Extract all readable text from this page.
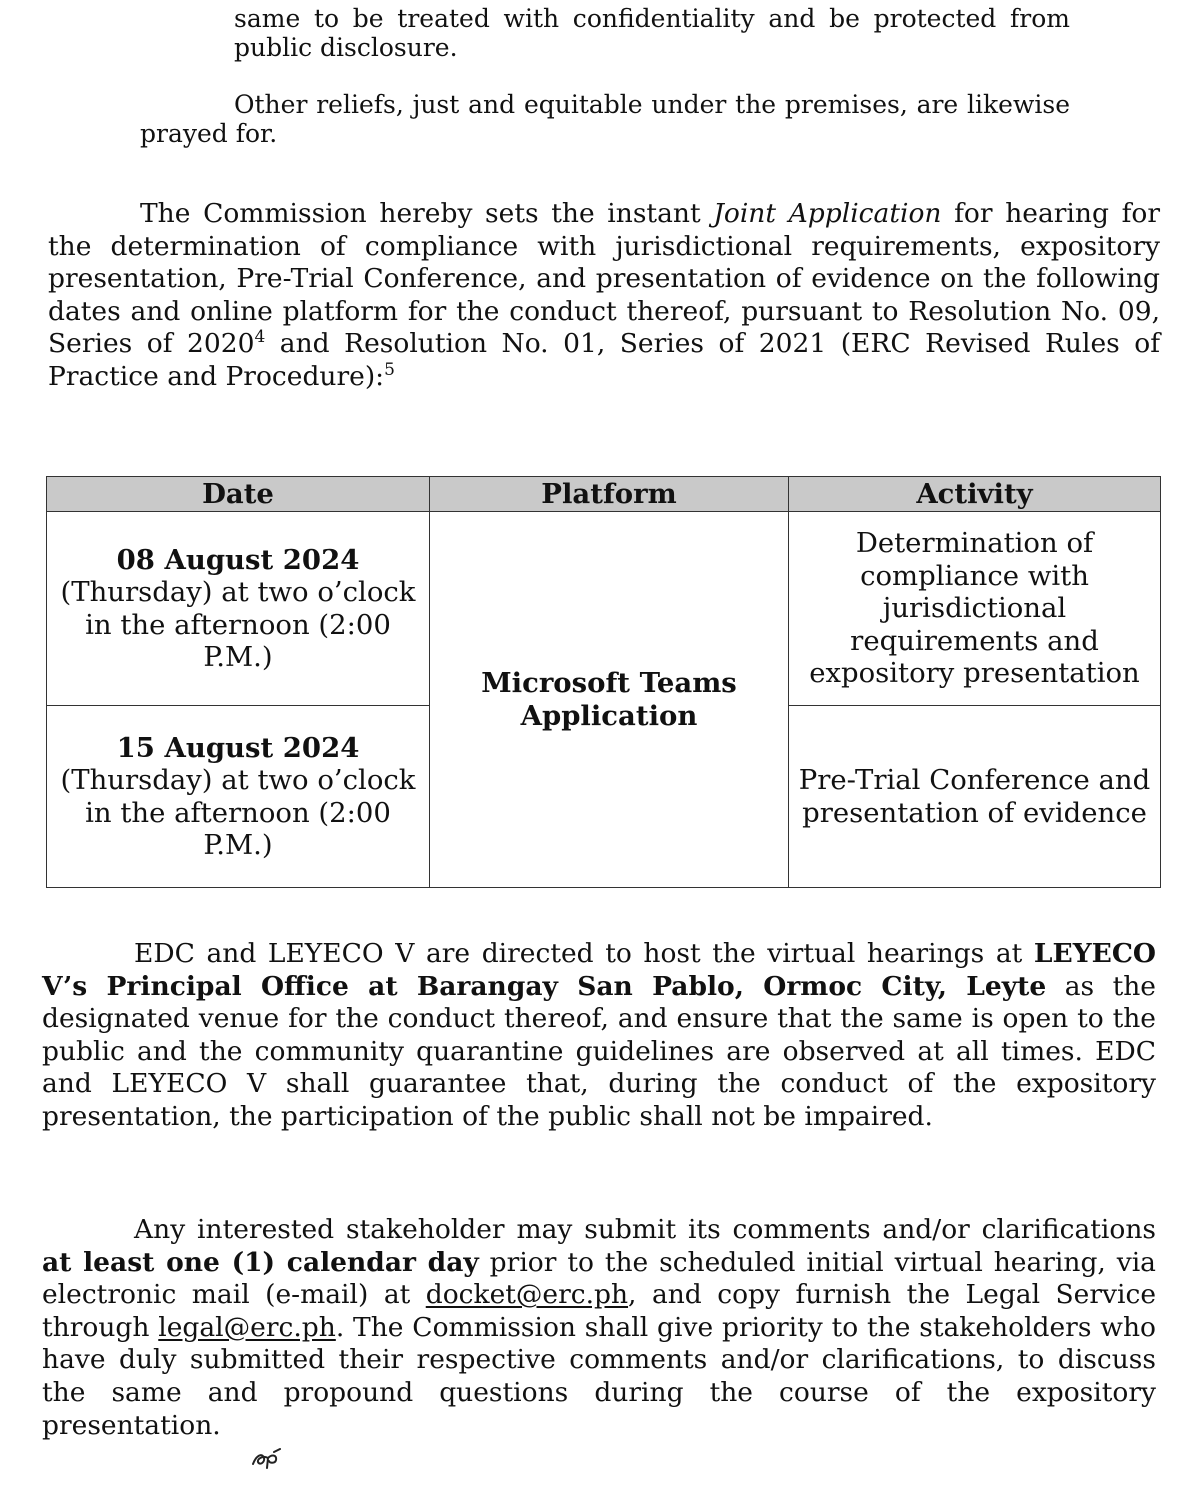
same to be treated with confidentiality and be protected from public disclosure.

Other reliefs, just and equitable under the premises, are likewise prayed for.

The Commission hereby sets the instant Joint Application for hearing for the determination of compliance with jurisdictional requirements, expository presentation, Pre-Trial Conference, and presentation of evidence on the following dates and online platform for the conduct thereof, pursuant to Resolution No. 09, Series of 2020$^4$ and Resolution No. 01, Series of 2021 (ERC Revised Rules of Practice and Procedure):$^5$

Date	Platform	Activity

08 August 2024
(Thursday) at two o’clock in the afternoon (2:00 P.M.)	Microsoft Teams Application	Determination of compliance with jurisdictional requirements and expository presentation

15 August 2024
(Thursday) at two o’clock in the afternoon (2:00 P.M.)		Pre-Trial Conference and presentation of evidence

EDC and LEYECO V are directed to host the virtual hearings at LEYECO V’s Principal Office at Barangay San Pablo, Ormoc City, Leyte as the designated venue for the conduct thereof, and ensure that the same is open to the public and the community quarantine guidelines are observed at all times. EDC and LEYECO V shall guarantee that, during the conduct of the expository presentation, the participation of the public shall not be impaired.

Any interested stakeholder may submit its comments and/or clarifications at least one (1) calendar day prior to the scheduled initial virtual hearing, via electronic mail (e-mail) at docket@erc.ph, and copy furnish the Legal Service through legal@erc.ph. The Commission shall give priority to the stakeholders who have duly submitted their respective comments and/or clarifications, to discuss the same and propound questions during the course of the expository presentation.
